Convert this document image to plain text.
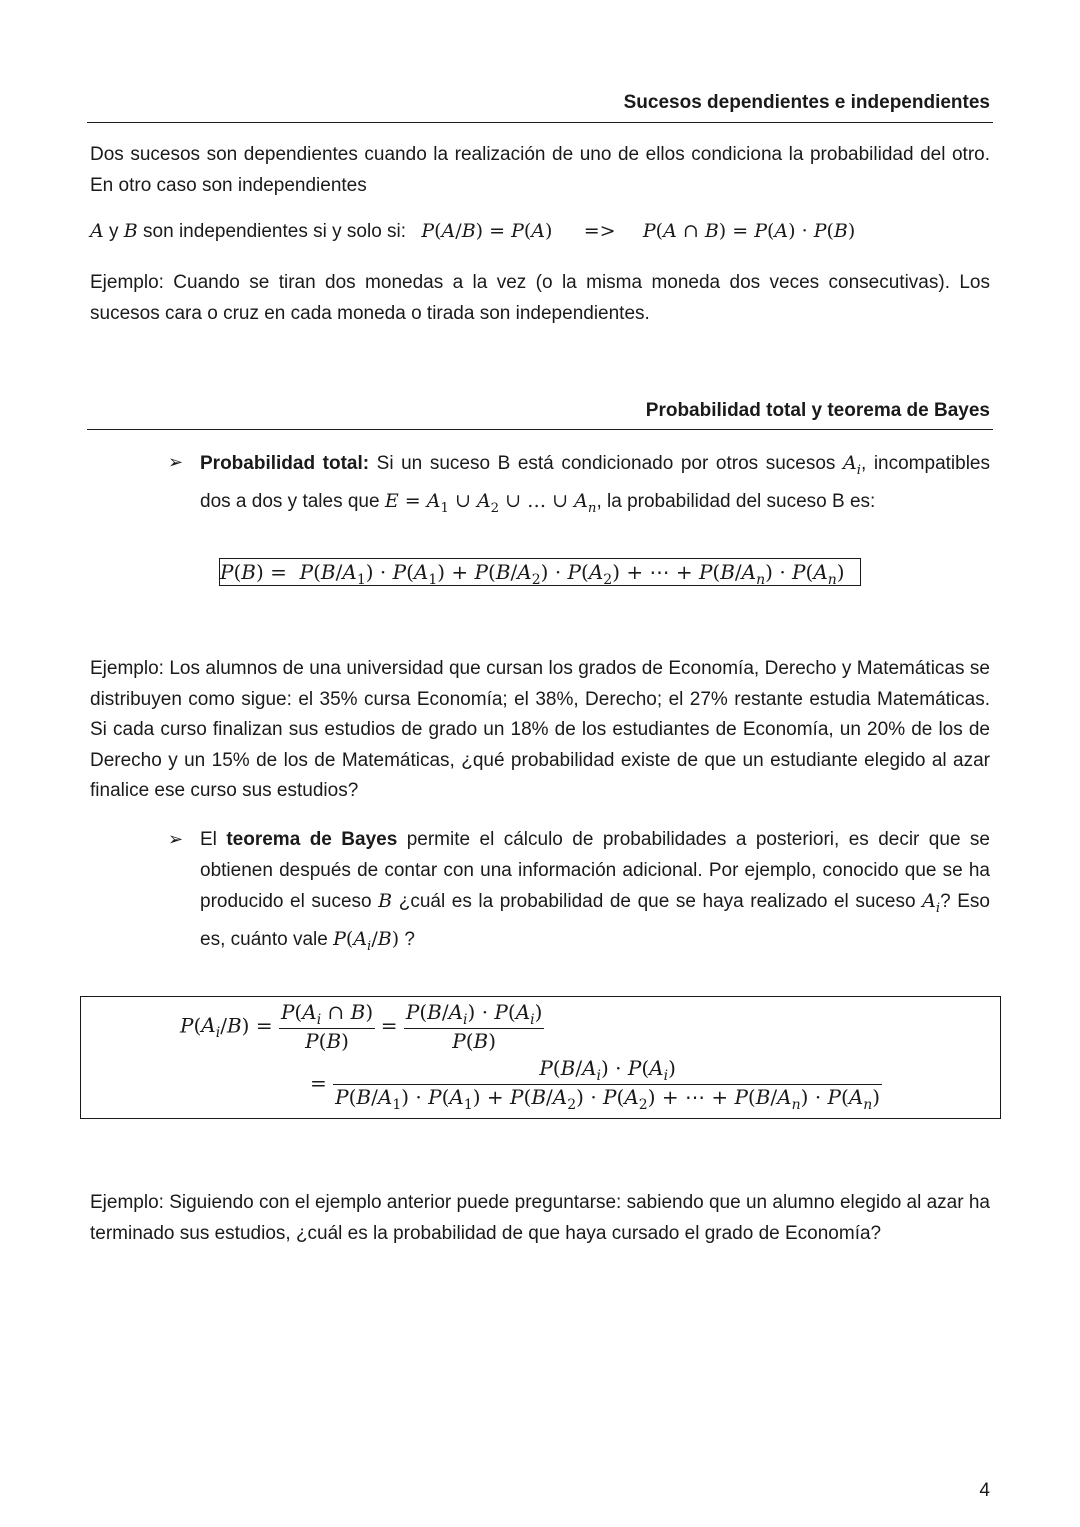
Sucesos dependientes e independientes
Dos sucesos son dependientes cuando la realización de uno de ellos condiciona la probabilidad del otro. En otro caso son independientes
A y B son independientes si y solo si: P(A/B) = P(A) => P(A ∩ B) = P(A) · P(B)
Ejemplo: Cuando se tiran dos monedas a la vez (o la misma moneda dos veces consecutivas). Los sucesos cara o cruz en cada moneda o tirada son independientes.
Probabilidad total y teorema de Bayes
➢ Probabilidad total: Si un suceso B está condicionado por otros sucesos $A_i$, incompatibles dos a dos y tales que $E = A_1$ ∪ $A_2$ ∪ … ∪ $A_n$, la probabilidad del suceso B es:
$P(B) = P(B/A_1) \cdot P(A_1) + P(B/A_2) \cdot P(A_2)$ + ⋯ + $P(B/A_n) \cdot P(A_n)$
Ejemplo: Los alumnos de una universidad que cursan los grados de Economía, Derecho y Matemáticas se distribuyen como sigue: el 35% cursa Economía; el 38%, Derecho; el 27% restante estudia Matemáticas. Si cada curso finalizan sus estudios de grado un 18% de los estudiantes de Economía, un 20% de los de Derecho y un 15% de los de Matemáticas, ¿qué probabilidad existe de que un estudiante elegido al azar finalice ese curso sus estudios?
➢ El teorema de Bayes permite el cálculo de probabilidades a posteriori, es decir que se obtienen después de contar con una información adicional. Por ejemplo, conocido que se ha producido el suceso B ¿cuál es la probabilidad de que se haya realizado el suceso $A_i$? Eso es, cuánto vale $P(A_i/B)$ ?
$P(A_i/B) = \frac{P(A_i \cap B)}{P(B)} = \frac{P(B/A_i) \cdot P(A_i)}{P(B)}$
= $\frac{P(B/A_i) \cdot P(A_i)}{P(B/A_1) \cdot P(A_1) + P(B/A_2) \cdot P(A_2) + \cdots + P(B/A_n) \cdot P(A_n)}$
Ejemplo: Siguiendo con el ejemplo anterior puede preguntarse: sabiendo que un alumno elegido al azar ha terminado sus estudios, ¿cuál es la probabilidad de que haya cursado el grado de Economía?
4
